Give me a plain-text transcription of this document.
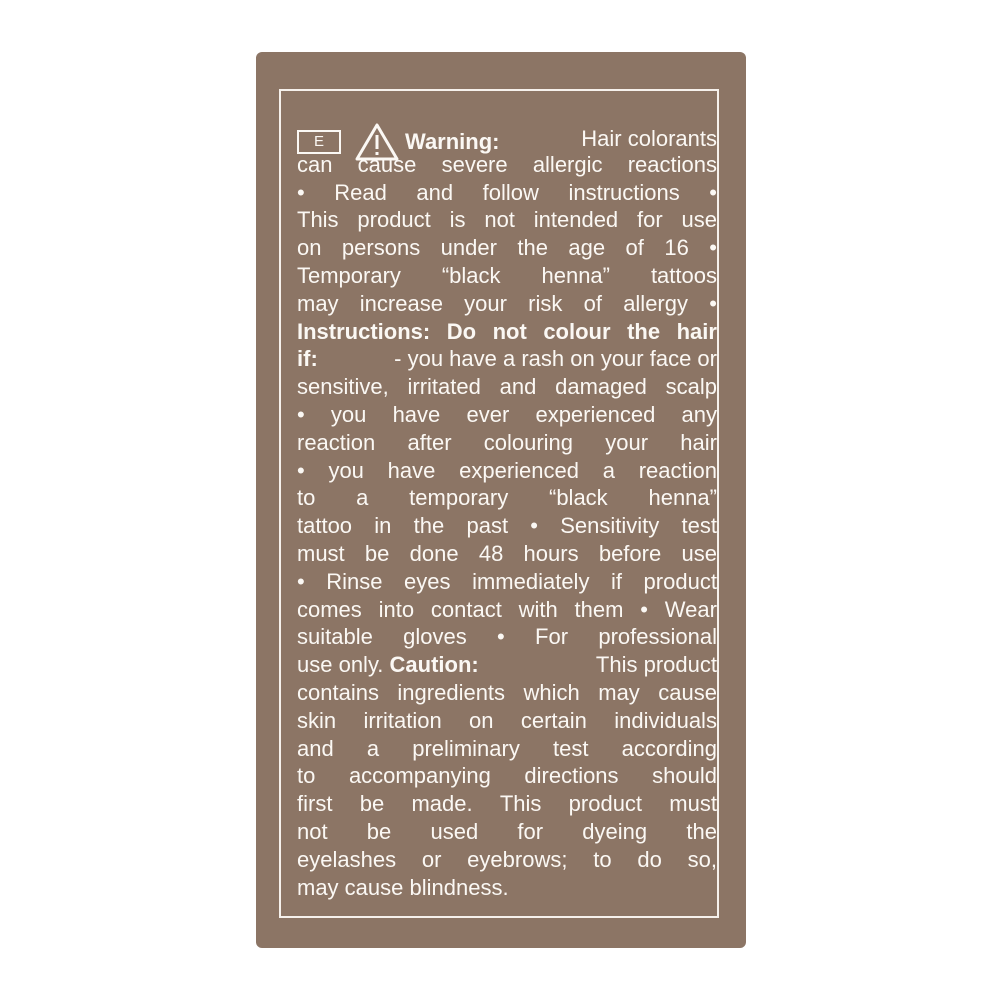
E	Warning:	Hair colorants
can cause severe allergic reactions
• Read and follow instructions •
This product is not intended for use
on persons under the age of 16 •
Temporary “black henna” tattoos
may increase your risk of allergy •
Instructions: Do not colour the hair
if:	- you have a rash on your face or
sensitive, irritated and damaged scalp
• you have ever experienced any
reaction after colouring your hair
• you have experienced a reaction
to a temporary “black henna”
tattoo in the past • Sensitivity test
must be done 48 hours before use
• Rinse eyes immediately if product
comes into contact with them • Wear
suitable gloves • For professional
use only. Caution:	This product
contains ingredients which may cause
skin irritation on certain individuals
and a preliminary test according
to accompanying directions should
first be made. This product must
not be used for dyeing the
eyelashes or eyebrows; to do so,
may cause blindness.
